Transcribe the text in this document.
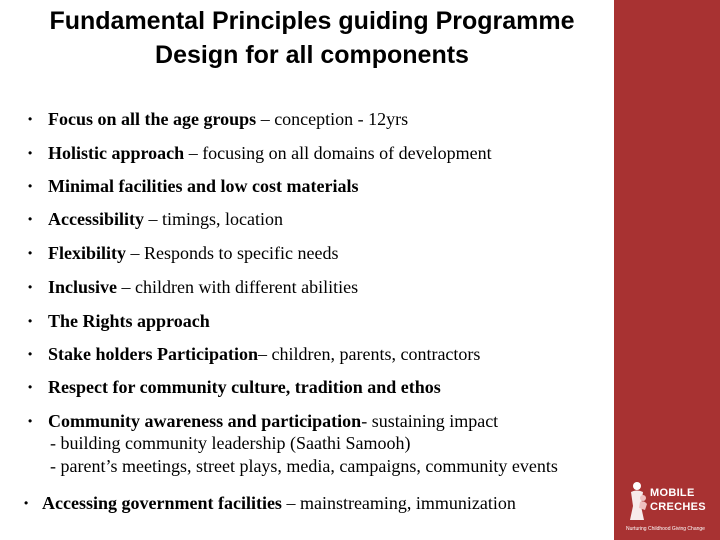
Fundamental Principles guiding Programme
Design for all components
• Focus on all the age groups – conception - 12yrs
• Holistic approach – focusing on all domains of development
• Minimal facilities and low cost materials
• Accessibility – timings, location
• Flexibility – Responds to specific needs
• Inclusive – children with different abilities
• The Rights approach
• Stake holders Participation– children, parents, contractors
• Respect for community culture, tradition and ethos
• Community awareness and participation- sustaining impact
- building community leadership (Saathi Samooh)
- parent’s meetings, street plays, media, campaigns, community events
• Accessing government facilities – mainstreaming, immunization	MOBILE
CRECHES
Nurturing Childhood Giving Change
